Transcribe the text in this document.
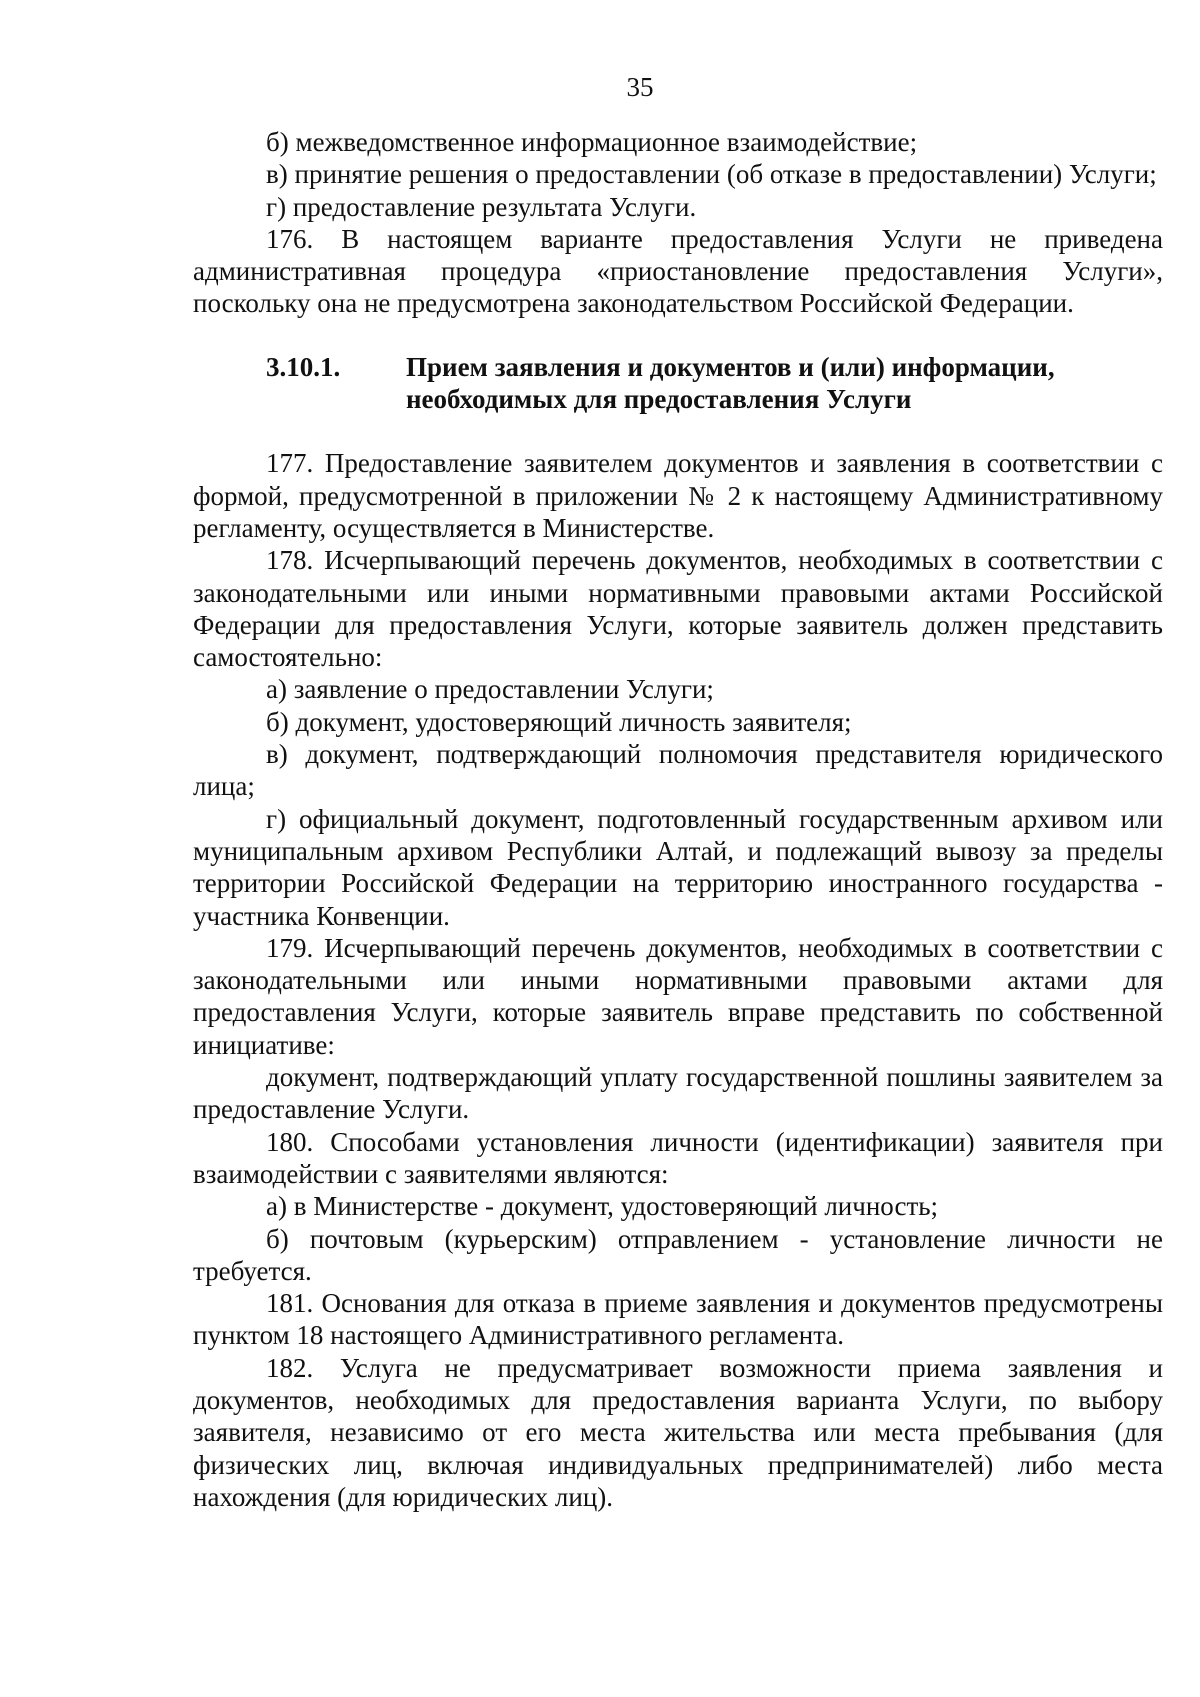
35

б) межведомственное информационное взаимодействие;

в) принятие решения о предоставлении (об отказе в предоставлении) Услуги;

г) предоставление результата Услуги.

176. В настоящем варианте предоставления Услуги не приведена административная процедура «приостановление предоставления Услуги», поскольку она не предусмотрена законодательством Российской Федерации.

3.10.1.	Прием заявления и документов и (или) информации, необходимых для предоставления Услуги

177. Предоставление заявителем документов и заявления в соответствии с формой, предусмотренной в приложении № 2 к настоящему Административному регламенту, осуществляется в Министерстве.

178. Исчерпывающий перечень документов, необходимых в соответствии с законодательными или иными нормативными правовыми актами Российской Федерации для предоставления Услуги, которые заявитель должен представить самостоятельно:

а) заявление о предоставлении Услуги;

б) документ, удостоверяющий личность заявителя;

в) документ, подтверждающий полномочия представителя юридического лица;

г) официальный документ, подготовленный государственным архивом или муниципальным архивом Республики Алтай, и подлежащий вывозу за пределы территории Российской Федерации на территорию иностранного государства - участника Конвенции.

179. Исчерпывающий перечень документов, необходимых в соответствии с законодательными или иными нормативными правовыми актами для предоставления Услуги, которые заявитель вправе представить по собственной инициативе:

документ, подтверждающий уплату государственной пошлины заявителем за предоставление Услуги.

180. Способами установления личности (идентификации) заявителя при взаимодействии с заявителями являются:

а) в Министерстве - документ, удостоверяющий личность;

б) почтовым (курьерским) отправлением - установление личности не требуется.

181. Основания для отказа в приеме заявления и документов предусмотрены пунктом 18 настоящего Административного регламента.

182. Услуга не предусматривает возможности приема заявления и документов, необходимых для предоставления варианта Услуги, по выбору заявителя, независимо от его места жительства или места пребывания (для физических лиц, включая индивидуальных предпринимателей) либо места нахождения (для юридических лиц).
